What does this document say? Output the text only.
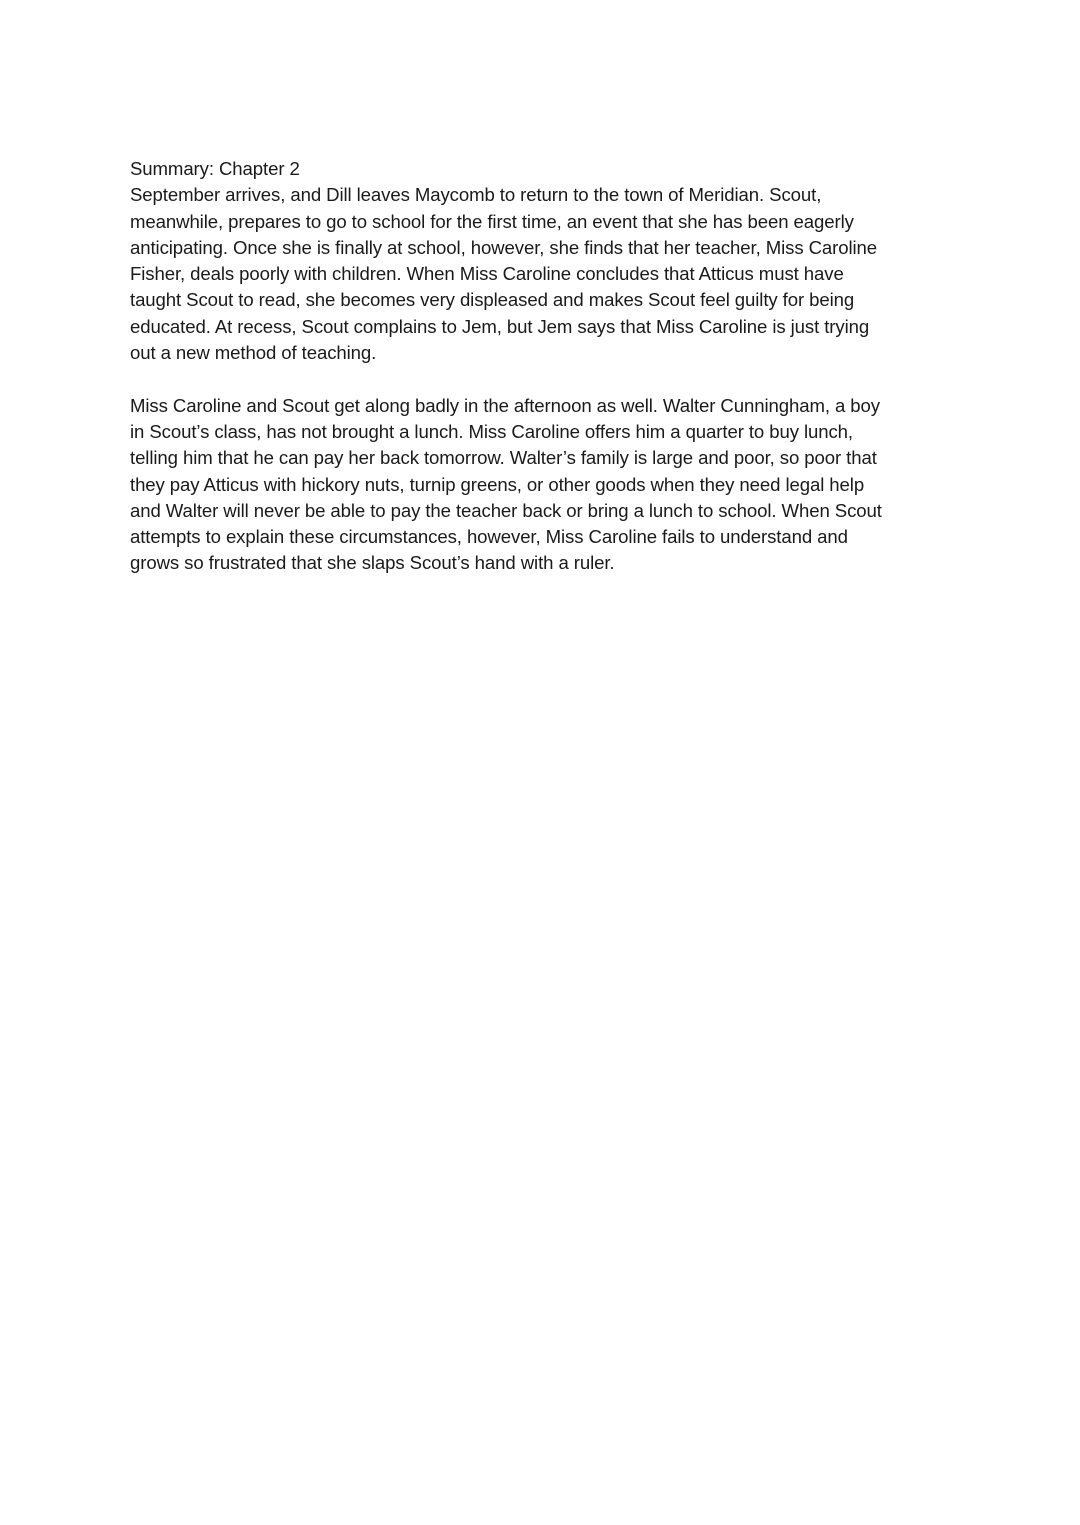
Summary: Chapter 2

September arrives, and Dill leaves Maycomb to return to the town of Meridian. Scout,
meanwhile, prepares to go to school for the first time, an event that she has been eagerly
anticipating. Once she is finally at school, however, she finds that her teacher, Miss Caroline
Fisher, deals poorly with children. When Miss Caroline concludes that Atticus must have
taught Scout to read, she becomes very displeased and makes Scout feel guilty for being
educated. At recess, Scout complains to Jem, but Jem says that Miss Caroline is just trying
out a new method of teaching.

Miss Caroline and Scout get along badly in the afternoon as well. Walter Cunningham, a boy
in Scout’s class, has not brought a lunch. Miss Caroline offers him a quarter to buy lunch,
telling him that he can pay her back tomorrow. Walter’s family is large and poor, so poor that
they pay Atticus with hickory nuts, turnip greens, or other goods when they need legal help
and Walter will never be able to pay the teacher back or bring a lunch to school. When Scout
attempts to explain these circumstances, however, Miss Caroline fails to understand and
grows so frustrated that she slaps Scout’s hand with a ruler.
